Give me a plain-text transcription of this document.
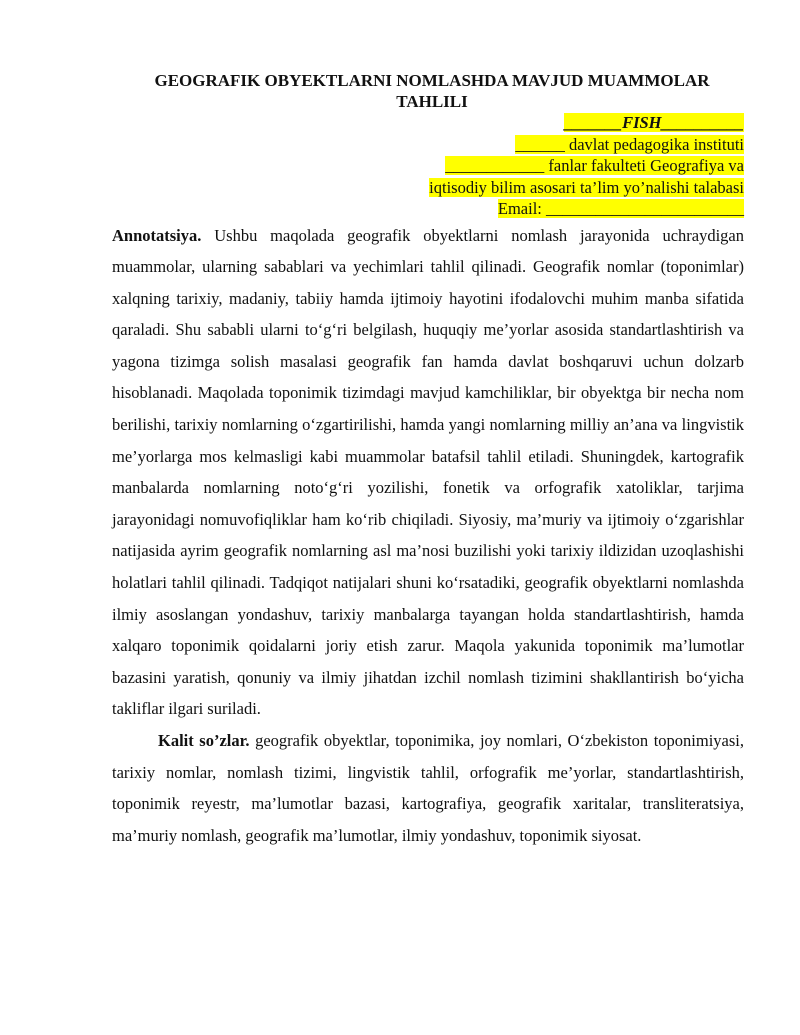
GEOGRAFIK OBYEKTLARNI NOMLASHDA MAVJUD MUAMMOLAR TAHLILI
_______FISH__________
______ davlat pedagogika instituti
____________ fanlar fakulteti Geografiya va
iqtisodiy bilim asosari ta’lim yo’nalishi talabasi
Email: ________________________

Annotatsiya. Ushbu maqolada geografik obyektlarni nomlash jarayonida uchraydigan muammolar, ularning sabablari va yechimlari tahlil qilinadi. Geografik nomlar (toponimlar) xalqning tarixiy, madaniy, tabiiy hamda ijtimoiy hayotini ifodalovchi muhim manba sifatida qaraladi. Shu sababli ularni to‘g‘ri belgilash, huquqiy me’yorlar asosida standartlashtirish va yagona tizimga solish masalasi geografik fan hamda davlat boshqaruvi uchun dolzarb hisoblanadi. Maqolada toponimik tizimdagi mavjud kamchiliklar, bir obyektga bir necha nom berilishi, tarixiy nomlarning o‘zgartirilishi, hamda yangi nomlarning milliy an’ana va lingvistik me’yorlarga mos kelmasligi kabi muammolar batafsil tahlil etiladi. Shuningdek, kartografik manbalarda nomlarning noto‘g‘ri yozilishi, fonetik va orfografik xatoliklar, tarjima jarayonidagi nomuvofiqliklar ham ko‘rib chiqiladi. Siyosiy, ma’muriy va ijtimoiy o‘zgarishlar natijasida ayrim geografik nomlarning asl ma’nosi buzilishi yoki tarixiy ildizidan uzoqlashishi holatlari tahlil qilinadi. Tadqiqot natijalari shuni ko‘rsatadiki, geografik obyektlarni nomlashda ilmiy asoslangan yondashuv, tarixiy manbalarga tayangan holda standartlashtirish, hamda xalqaro toponimik qoidalarni joriy etish zarur. Maqola yakunida toponimik ma’lumotlar bazasini yaratish, qonuniy va ilmiy jihatdan izchil nomlash tizimini shakllantirish bo‘yicha takliflar ilgari suriladi.

Kalit so’zlar. geografik obyektlar, toponimika, joy nomlari, O‘zbekiston toponimiyasi, tarixiy nomlar, nomlash tizimi, lingvistik tahlil, orfografik me’yorlar, standartlashtirish, toponimik reyestr, ma’lumotlar bazasi, kartografiya, geografik xaritalar, transliteratsiya, ma’muriy nomlash, geografik ma’lumotlar, ilmiy yondashuv, toponimik siyosat.
